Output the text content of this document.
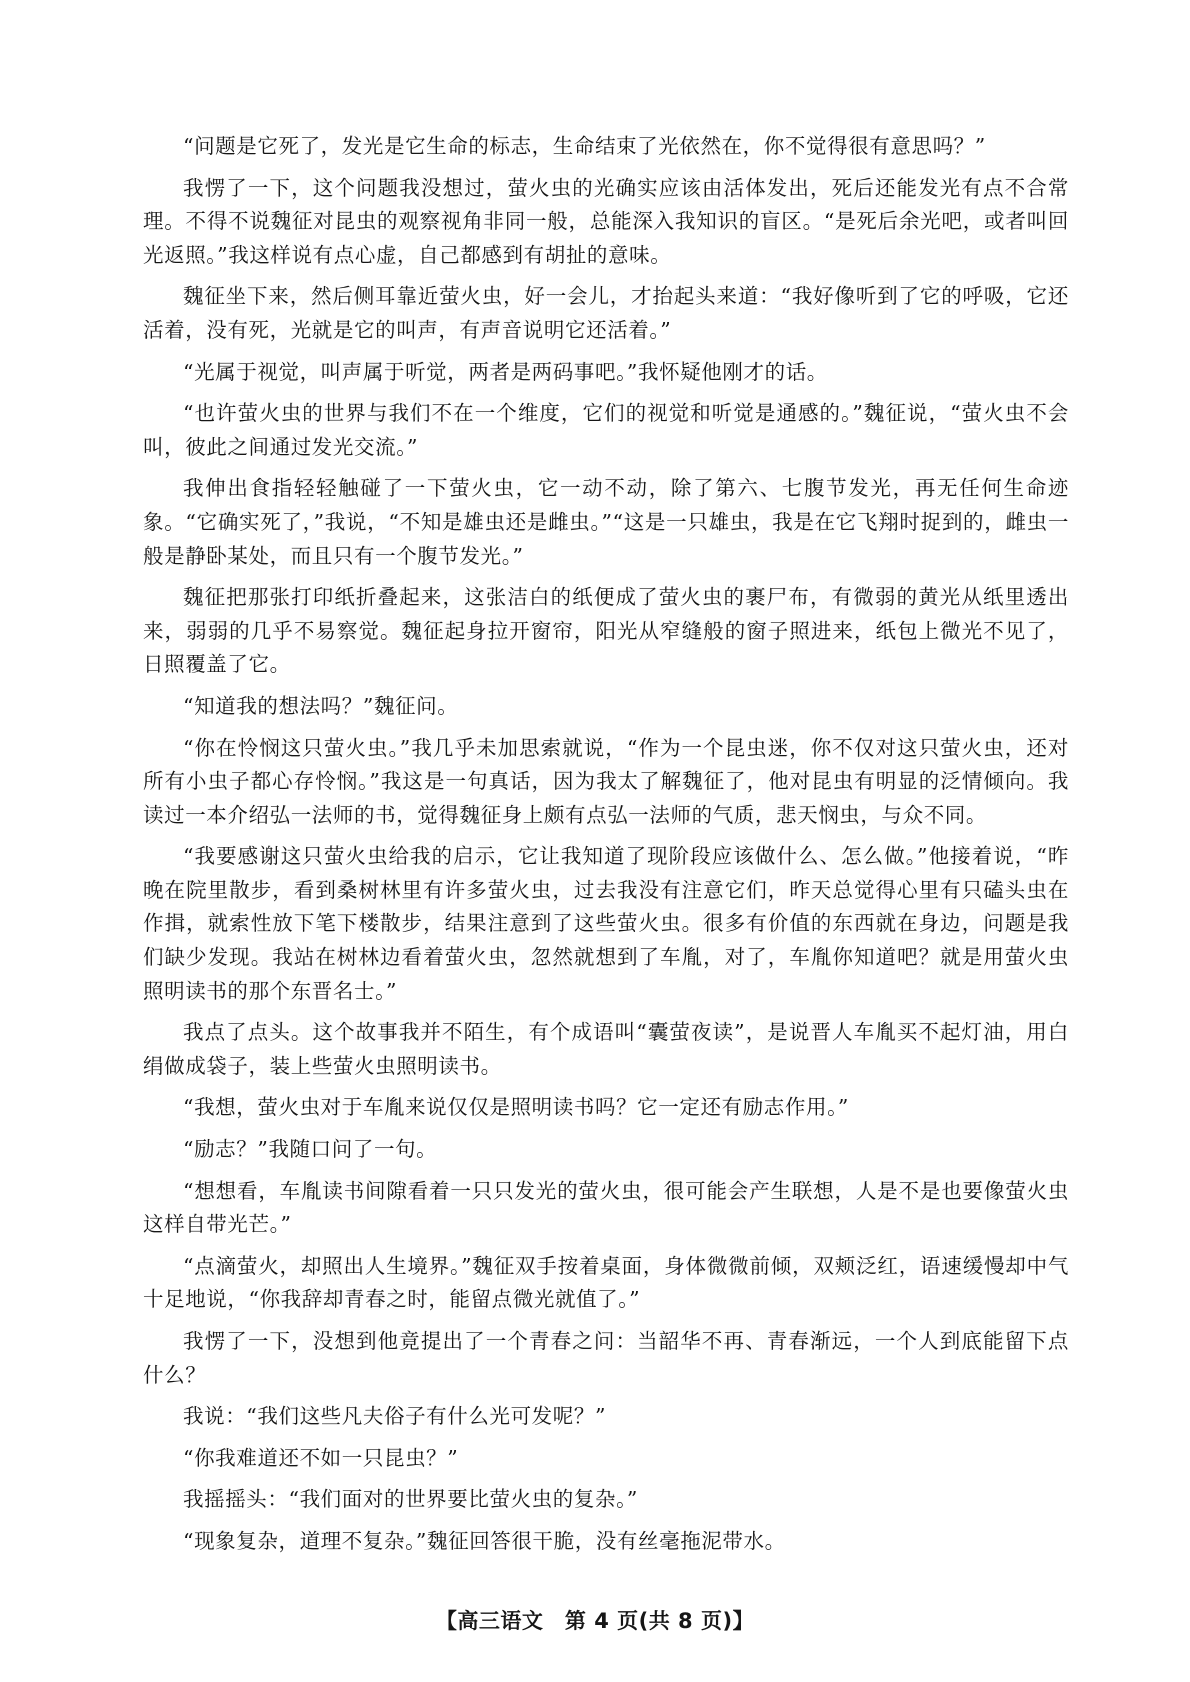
“问题是它死了，发光是它生命的标志，生命结束了光依然在，你不觉得很有意思吗？”

我愣了一下，这个问题我没想过，萤火虫的光确实应该由活体发出，死后还能发光有点不合常理。不得不说魏征对昆虫的观察视角非同一般，总能深入我知识的盲区。“是死后余光吧，或者叫回光返照。”我这样说有点心虚，自己都感到有胡扯的意味。

魏征坐下来，然后侧耳靠近萤火虫，好一会儿，才抬起头来道：“我好像听到了它的呼吸，它还活着，没有死，光就是它的叫声，有声音说明它还活着。”

“光属于视觉，叫声属于听觉，两者是两码事吧。”我怀疑他刚才的话。

“也许萤火虫的世界与我们不在一个维度，它们的视觉和听觉是通感的。”魏征说，“萤火虫不会叫，彼此之间通过发光交流。”

我伸出食指轻轻触碰了一下萤火虫，它一动不动，除了第六、七腹节发光，再无任何生命迹象。“它确实死了，”我说，“不知是雄虫还是雌虫。”“这是一只雄虫，我是在它飞翔时捉到的，雌虫一般是静卧某处，而且只有一个腹节发光。”

魏征把那张打印纸折叠起来，这张洁白的纸便成了萤火虫的裹尸布，有微弱的黄光从纸里透出来，弱弱的几乎不易察觉。魏征起身拉开窗帘，阳光从窄缝般的窗子照进来，纸包上微光不见了，日照覆盖了它。

“知道我的想法吗？”魏征问。

“你在怜悯这只萤火虫。”我几乎未加思索就说，“作为一个昆虫迷，你不仅对这只萤火虫，还对所有小虫子都心存怜悯。”我这是一句真话，因为我太了解魏征了，他对昆虫有明显的泛情倾向。我读过一本介绍弘一法师的书，觉得魏征身上颇有点弘一法师的气质，悲天悯虫，与众不同。

“我要感谢这只萤火虫给我的启示，它让我知道了现阶段应该做什么、怎么做。”他接着说，“昨晚在院里散步，看到桑树林里有许多萤火虫，过去我没有注意它们，昨天总觉得心里有只磕头虫在作揖，就索性放下笔下楼散步，结果注意到了这些萤火虫。很多有价值的东西就在身边，问题是我们缺少发现。我站在树林边看着萤火虫，忽然就想到了车胤，对了，车胤你知道吧？就是用萤火虫照明读书的那个东晋名士。”

我点了点头。这个故事我并不陌生，有个成语叫“囊萤夜读”，是说晋人车胤买不起灯油，用白绢做成袋子，装上些萤火虫照明读书。

“我想，萤火虫对于车胤来说仅仅是照明读书吗？它一定还有励志作用。”

“励志？”我随口问了一句。

“想想看，车胤读书间隙看着一只只发光的萤火虫，很可能会产生联想，人是不是也要像萤火虫这样自带光芒。”

“点滴萤火，却照出人生境界。”魏征双手按着桌面，身体微微前倾，双颊泛红，语速缓慢却中气十足地说，“你我辞却青春之时，能留点微光就值了。”

我愣了一下，没想到他竟提出了一个青春之问：当韶华不再、青春渐远，一个人到底能留下点什么？

我说：“我们这些凡夫俗子有什么光可发呢？”

“你我难道还不如一只昆虫？”

我摇摇头：“我们面对的世界要比萤火虫的复杂。”

“现象复杂，道理不复杂。”魏征回答很干脆，没有丝毫拖泥带水。

【高三语文　第 4 页(共 8 页)】
